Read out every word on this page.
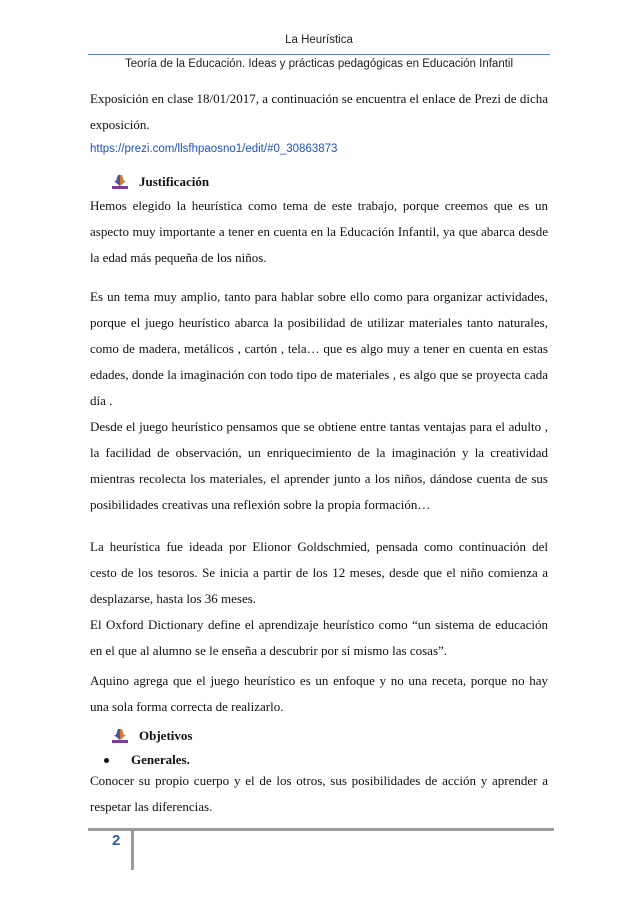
La Heurística
Teoría de la Educación. Ideas y prácticas pedagógicas en Educación Infantil

Exposición en clase 18/01/2017, a continuación se encuentra el enlace de Prezi de dicha exposición.

https://prezi.com/llsfhpaosno1/edit/#0_30863873
Justificación

Hemos elegido la heurística como tema de este trabajo, porque creemos que es un aspecto muy importante a tener en cuenta en la Educación Infantil, ya que abarca desde la edad más pequeña de los niños.

Es un tema muy amplio, tanto para hablar sobre ello como para organizar actividades, porque el juego heurístico abarca la posibilidad de utilizar materiales tanto naturales, como de madera, metálicos , cartón , tela… que es algo muy a tener en cuenta en estas edades, donde la imaginación con todo tipo de materiales , es algo que se proyecta cada día .

Desde el juego heurístico pensamos que se obtiene entre tantas ventajas para el adulto , la facilidad de observación, un enriquecimiento de la imaginación y la creatividad mientras recolecta los materiales, el aprender junto a los niños, dándose cuenta de sus posibilidades creativas una reflexión sobre la propia formación…

La heurística fue ideada por Elionor Goldschmied, pensada como continuación del cesto de los tesoros. Se inicia a partir de los 12 meses, desde que el niño comienza a desplazarse, hasta los 36 meses.

El Oxford Dictionary define el aprendizaje heurístico como “un sistema de educación en el que al alumno se le enseña a descubrir por sí mismo las cosas”.

Aquino agrega que el juego heurístico es un enfoque y no una receta, porque no hay una sola forma correcta de realizarlo.

Objetivos
Generales.

Conocer su propio cuerpo y el de los otros, sus posibilidades de acción y aprender a respetar las diferencias.

2
